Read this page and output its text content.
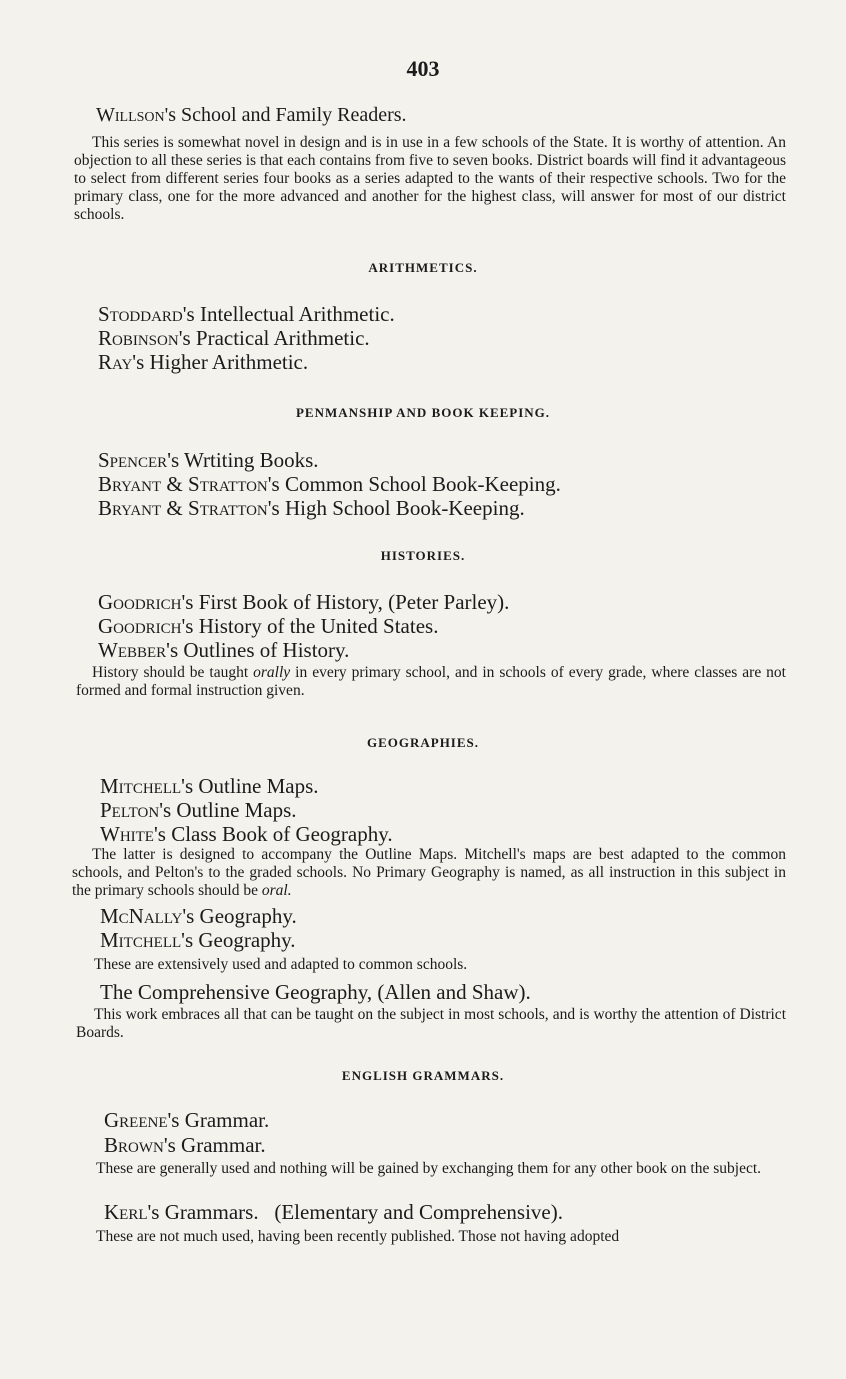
403
Willson's School and Family Readers.
This series is somewhat novel in design and is in use in a few schools of the State. It is worthy of attention. An objection to all these series is that each contains from five to seven books. District boards will find it advantageous to select from different series four books as a series adapted to the wants of their respective schools. Two for the primary class, one for the more advanced and another for the highest class, will answer for most of our district schools.
ARITHMETICS.
Stoddard's Intellectual Arithmetic.
Robinson's Practical Arithmetic.
Ray's Higher Arithmetic.
PENMANSHIP AND BOOK KEEPING.
Spencer's Wrtiting Books.
Bryant & Stratton's Common School Book-Keeping.
Bryant & Stratton's High School Book-Keeping.
HISTORIES.
Goodrich's First Book of History, (Peter Parley).
Goodrich's History of the United States.
Webber's Outlines of History.
History should be taught orally in every primary school, and in schools of every grade, where classes are not formed and formal instruction given.
GEOGRAPHIES.
Mitchell's Outline Maps.
Pelton's Outline Maps.
White's Class Book of Geography.
The latter is designed to accompany the Outline Maps. Mitchell's maps are best adapted to the common schools, and Pelton's to the graded schools. No Primary Geography is named, as all instruction in this subject in the primary schools should be oral.
McNally's Geography.
Mitchell's Geography.
These are extensively used and adapted to common schools.
The Comprehensive Geography, (Allen and Shaw).
This work embraces all that can be taught on the subject in most schools, and is worthy the attention of District Boards.
ENGLISH GRAMMARS.
Greene's Grammar.
Brown's Grammar.
These are generally used and nothing will be gained by exchanging them for any other book on the subject.
Kerl's Grammars.   (Elementary and Comprehensive).
These are not much used, having been recently published. Those not having adopted
